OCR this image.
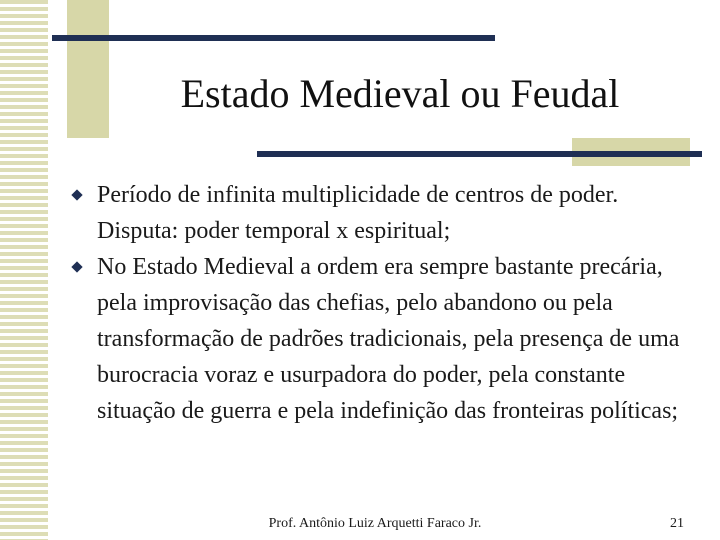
Estado Medieval ou Feudal
Período de infinita multiplicidade de centros de poder. Disputa: poder temporal x espiritual;
No Estado Medieval a ordem era sempre bastante precária, pela improvisação das chefias, pelo abandono ou pela transformação de padrões tradicionais, pela presença de uma burocracia voraz e usurpadora do poder, pela constante situação de guerra e pela indefinição das fronteiras políticas;
Prof. Antônio Luiz Arquetti Faraco Jr.	21
